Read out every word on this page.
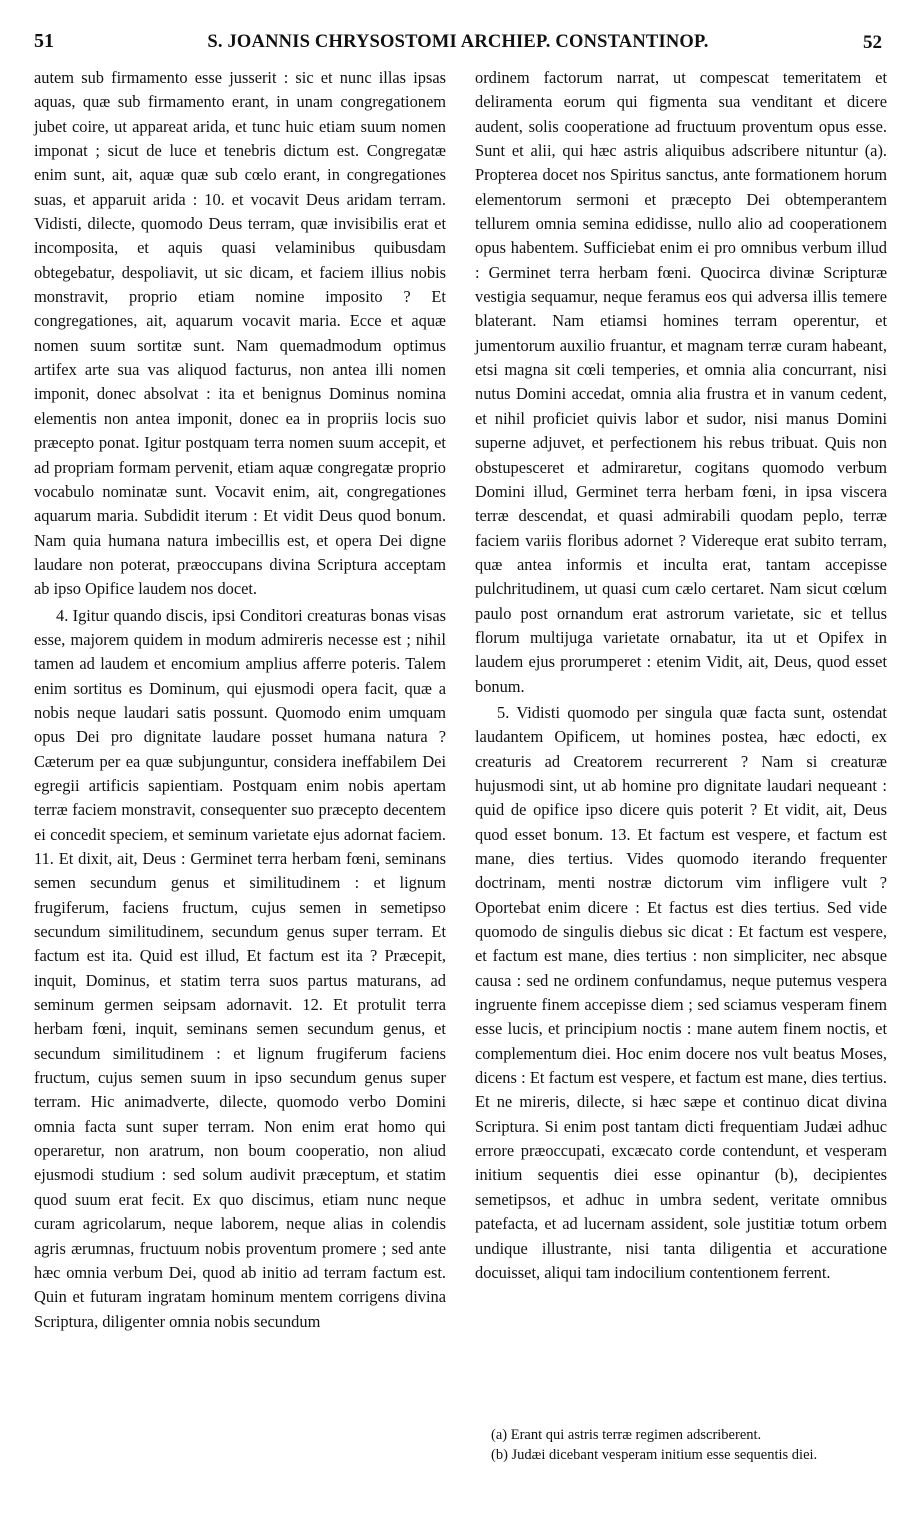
51	S. JOANNIS CHRYSOSTOMI ARCHIEP. CONSTANTINOP.	52

autem sub firmamento esse jusserit : sic et nunc illas ipsas aquas, quæ sub firmamento erant, in unam congregationem jubet coire, ut appareat arida, et tunc huic etiam suum nomen imponat ; sicut de luce et tenebris dictum est. Congregatæ enim sunt, ait, aquæ quæ sub cœlo erant, in congregationes suas, et apparuit arida : 10. et vocavit Deus aridam terram. Vidisti, dilecte, quomodo Deus terram, quæ invisibilis erat et incomposita, et aquis quasi velaminibus quibusdam obtegebatur, despoliavit, ut sic dicam, et faciem illius nobis monstravit, proprio etiam nomine imposito ? Et congregationes, ait, aquarum vocavit maria. Ecce et aquæ nomen suum sortitæ sunt. Nam quemadmodum optimus artifex arte sua vas aliquod facturus, non antea illi nomen imponit, donec absolvat : ita et benignus Dominus nomina elementis non antea imponit, donec ea in propriis locis suo præcepto ponat. Igitur postquam terra nomen suum accepit, et ad propriam formam pervenit, etiam aquæ congregatæ proprio vocabulo nominatæ sunt. Vocavit enim, ait, congregationes aquarum maria. Subdidit iterum : Et vidit Deus quod bonum. Nam quia humana natura imbecillis est, et opera Dei digne laudare non poterat, præoccupans divina Scriptura acceptam ab ipso Opifice laudem nos docet.

4. Igitur quando discis, ipsi Conditori creaturas bonas visas esse, majorem quidem in modum admireris necesse est ; nihil tamen ad laudem et encomium amplius afferre poteris. Talem enim sortitus es Dominum, qui ejusmodi opera facit, quæ a nobis neque laudari satis possunt. Quomodo enim umquam opus Dei pro dignitate laudare posset humana natura ? Cæterum per ea quæ subjunguntur, considera ineffabilem Dei egregii artificis sapientiam. Postquam enim nobis apertam terræ faciem monstravit, consequenter suo præcepto decentem ei concedit speciem, et seminum varietate ejus adornat faciem. 11. Et dixit, ait, Deus : Germinet terra herbam fœni, seminans semen secundum genus et similitudinem : et lignum frugiferum, faciens fructum, cujus semen in semetipso secundum similitudinem, secundum genus super terram. Et factum est ita. Quid est illud, Et factum est ita ? Præcepit, inquit, Dominus, et statim terra suos partus maturans, ad seminum germen seipsam adornavit. 12. Et protulit terra herbam fœni, inquit, seminans semen secundum genus, et secundum similitudinem : et lignum frugiferum faciens fructum, cujus semen suum in ipso secundum genus super terram. Hic animadverte, dilecte, quomodo verbo Domini omnia facta sunt super terram. Non enim erat homo qui operaretur, non aratrum, non boum cooperatio, non aliud ejusmodi studium : sed solum audivit præceptum, et statim quod suum erat fecit. Ex quo discimus, etiam nunc neque curam agricolarum, neque laborem, neque alias in colendis agris ærumnas, fructuum nobis proventum promere ; sed ante hæc omnia verbum Dei, quod ab initio ad terram factum est. Quin et futuram ingratam hominum mentem corrigens divina Scriptura, diligenter omnia nobis secundum

ordinem factorum narrat, ut compescat temeritatem et deliramenta eorum qui figmenta sua venditant et dicere audent, solis cooperatione ad fructuum proventum opus esse. Sunt et alii, qui hæc astris aliquibus adscribere nituntur (a). Propterea docet nos Spiritus sanctus, ante formationem horum elementorum sermoni et præcepto Dei obtemperantem tellurem omnia semina edidisse, nullo alio ad cooperationem opus habentem. Sufficiebat enim ei pro omnibus verbum illud : Germinet terra herbam fœni. Quocirca divinæ Scripturæ vestigia sequamur, neque feramus eos qui adversa illis temere blaterant. Nam etiamsi homines terram operentur, et jumentorum auxilio fruantur, et magnam terræ curam habeant, etsi magna sit cœli temperies, et omnia alia concurrant, nisi nutus Domini accedat, omnia alia frustra et in vanum cedent, et nihil proficiet quivis labor et sudor, nisi manus Domini superne adjuvet, et perfectionem his rebus tribuat. Quis non obstupesceret et admiraretur, cogitans quomodo verbum Domini illud, Germinet terra herbam fœni, in ipsa viscera terræ descendat, et quasi admirabili quodam peplo, terræ faciem variis floribus adornet ? Videreque erat subito terram, quæ antea informis et inculta erat, tantam accepisse pulchritudinem, ut quasi cum cælo certaret. Nam sicut cœlum paulo post ornandum erat astrorum varietate, sic et tellus florum multijuga varietate ornabatur, ita ut et Opifex in laudem ejus prorumperet : etenim Vidit, ait, Deus, quod esset bonum.

5. Vidisti quomodo per singula quæ facta sunt, ostendat laudantem Opificem, ut homines postea, hæc edocti, ex creaturis ad Creatorem recurrerent ? Nam si creaturæ hujusmodi sint, ut ab homine pro dignitate laudari nequeant : quid de opifice ipso dicere quis poterit ? Et vidit, ait, Deus quod esset bonum. 13. Et factum est vespere, et factum est mane, dies tertius. Vides quomodo iterando frequenter doctrinam, menti nostræ dictorum vim infligere vult ? Oportebat enim dicere : Et factus est dies tertius. Sed vide quomodo de singulis diebus sic dicat : Et factum est vespere, et factum est mane, dies tertius : non simpliciter, nec absque causa : sed ne ordinem confundamus, neque putemus vespera ingruente finem accepisse diem ; sed sciamus vesperam finem esse lucis, et principium noctis : mane autem finem noctis, et complementum diei. Hoc enim docere nos vult beatus Moses, dicens : Et factum est vespere, et factum est mane, dies tertius. Et ne mireris, dilecte, si hæc sæpe et continuo dicat divina Scriptura. Si enim post tantam dicti frequentiam Judæi adhuc errore præoccupati, excæcato corde contendunt, et vesperam initium sequentis diei esse opinantur (b), decipientes semetipsos, et adhuc in umbra sedent, veritate omnibus patefacta, et ad lucernam assident, sole justitiæ totum orbem undique illustrante, nisi tanta diligentia et accuratione docuisset, aliqui tam indocilium contentionem ferrent.

(a) Erant qui astris terræ regimen adscriberent.

(b) Judæi dicebant vesperam initium esse sequentis diei.
